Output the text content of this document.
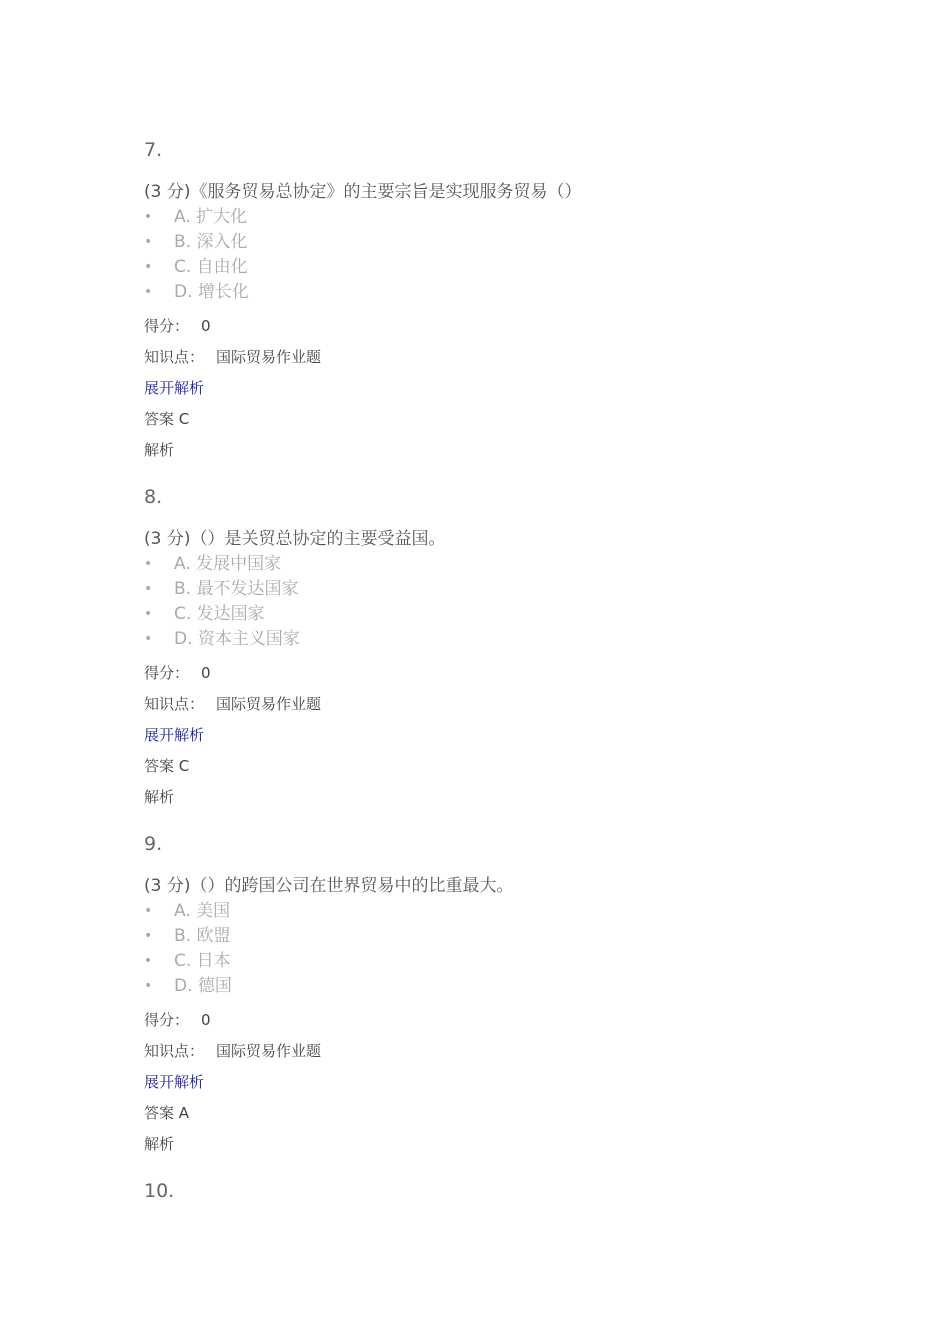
7.
(3 分)《服务贸易总协定》的主要宗旨是实现服务贸易（）
• A. 扩大化
• B. 深入化
• C. 自由化
• D. 增长化
得分： 0
知识点： 国际贸易作业题
展开解析
答案 C
解析
8.
(3 分)（）是关贸总协定的主要受益国。
• A. 发展中国家
• B. 最不发达国家
• C. 发达国家
• D. 资本主义国家
得分： 0
知识点： 国际贸易作业题
展开解析
答案 C
解析
9.
(3 分)（）的跨国公司在世界贸易中的比重最大。
• A. 美国
• B. 欧盟
• C. 日本
• D. 德国
得分： 0
知识点： 国际贸易作业题
展开解析
答案 A
解析
10.
